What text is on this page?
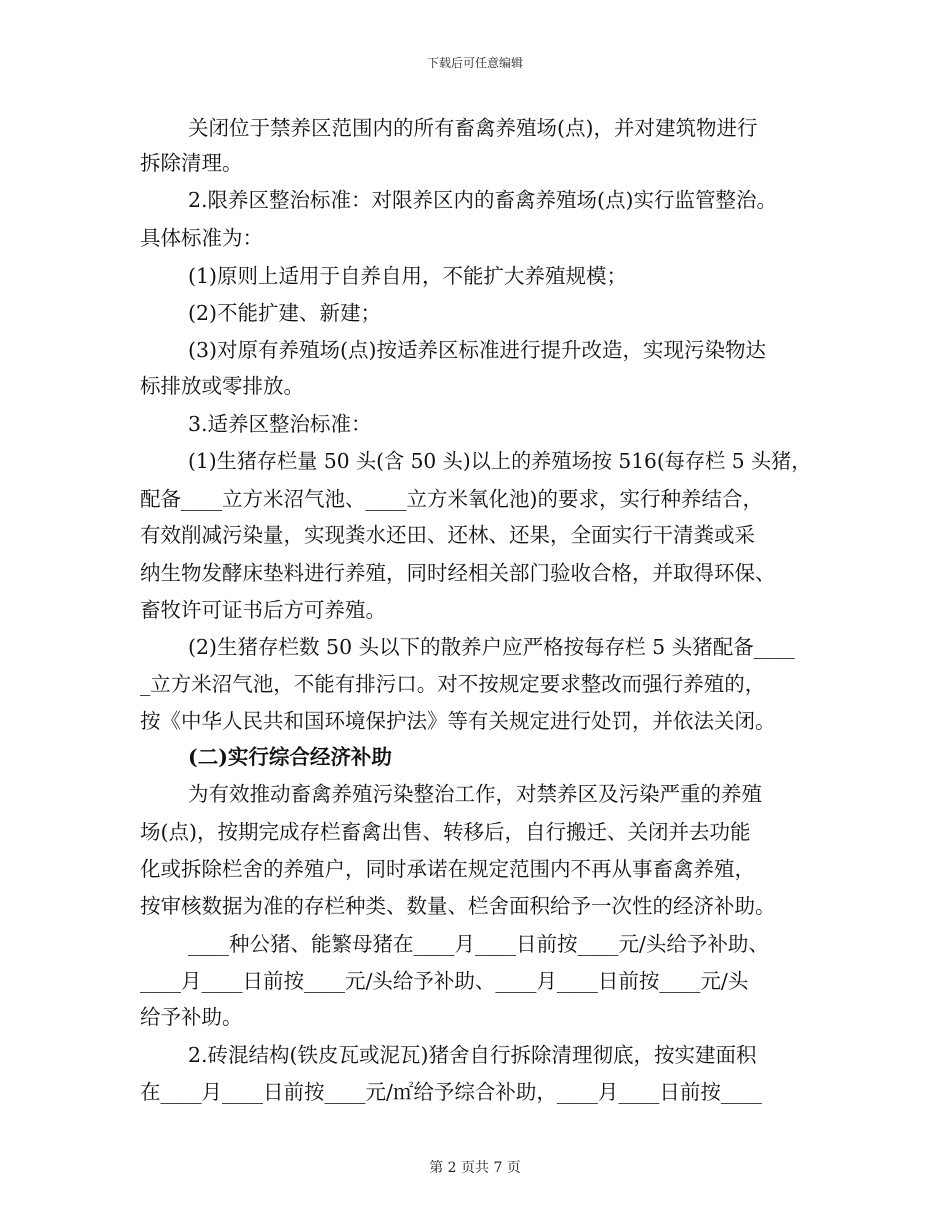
下载后可任意编辑
关闭位于禁养区范围内的所有畜禽养殖场(点)，并对建筑物进行
拆除清理。
2.限养区整治标准：对限养区内的畜禽养殖场(点)实行监管整治。
具体标准为：
(1)原则上适用于自养自用，不能扩大养殖规模；
(2)不能扩建、新建；
(3)对原有养殖场(点)按适养区标准进行提升改造，实现污染物达
标排放或零排放。
3.适养区整治标准：
(1)生猪存栏量 50 头(含 50 头)以上的养殖场按 516(每存栏 5 头猪，
配备____立方米沼气池、____立方米氧化池)的要求，实行种养结合，
有效削减污染量，实现粪水还田、还林、还果，全面实行干清粪或采
纳生物发酵床垫料进行养殖，同时经相关部门验收合格，并取得环保、
畜牧许可证书后方可养殖。
(2)生猪存栏数 50 头以下的散养户应严格按每存栏 5 头猪配备____
_立方米沼气池，不能有排污口。对不按规定要求整改而强行养殖的，
按《中华人民共和国环境保护法》等有关规定进行处罚，并依法关闭。
(二)实行综合经济补助
为有效推动畜禽养殖污染整治工作，对禁养区及污染严重的养殖
场(点)，按期完成存栏畜禽出售、转移后，自行搬迁、关闭并去功能
化或拆除栏舍的养殖户，同时承诺在规定范围内不再从事畜禽养殖，
按审核数据为准的存栏种类、数量、栏舍面积给予一次性的经济补助。
____种公猪、能繁母猪在____月____日前按____元/头给予补助、
____月____日前按____元/头给予补助、____月____日前按____元/头
给予补助。
2.砖混结构(铁皮瓦或泥瓦)猪舍自行拆除清理彻底，按实建面积
在____月____日前按____元/㎡给予综合补助，____月____日前按____
第 2 页共 7 页
